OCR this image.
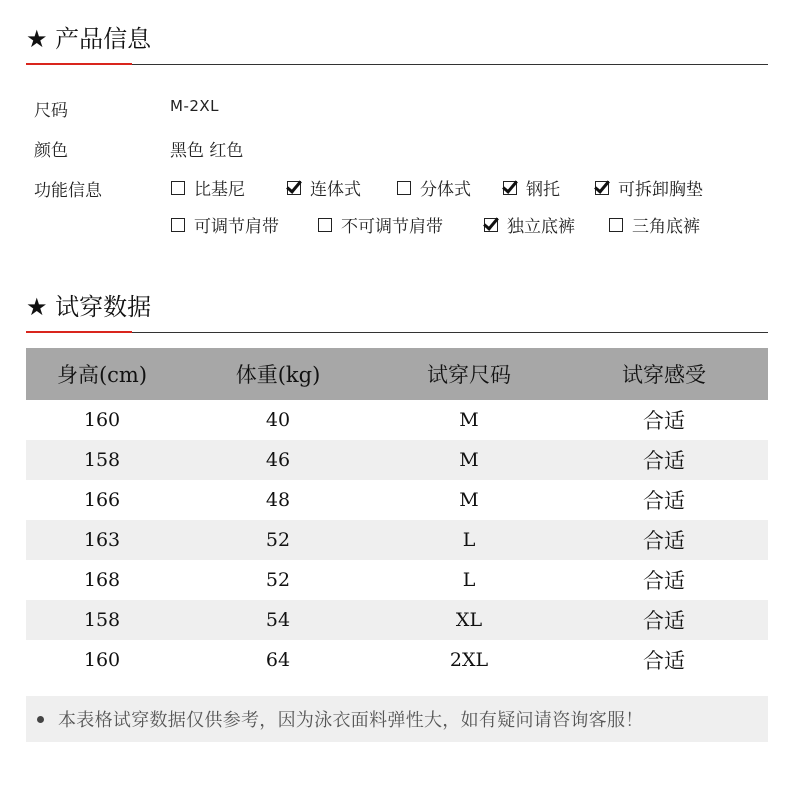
★ 产品信息
尺码	M-2XL
颜色	黑色 红色
功能信息	比基尼	连体式	分体式	钢托	可拆卸胸垫
可调节肩带	不可调节肩带	独立底裤	三角底裤
★ 试穿数据
身高(cm)	体重(kg)	试穿尺码	试穿感受
160	40	M	合适
158	46	M	合适
166	48	M	合适
163	52	L	合适
168	52	L	合适
158	54	XL	合适
160	64	2XL	合适
本表格试穿数据仅供参考，因为泳衣面料弹性大，如有疑问请咨询客服！
